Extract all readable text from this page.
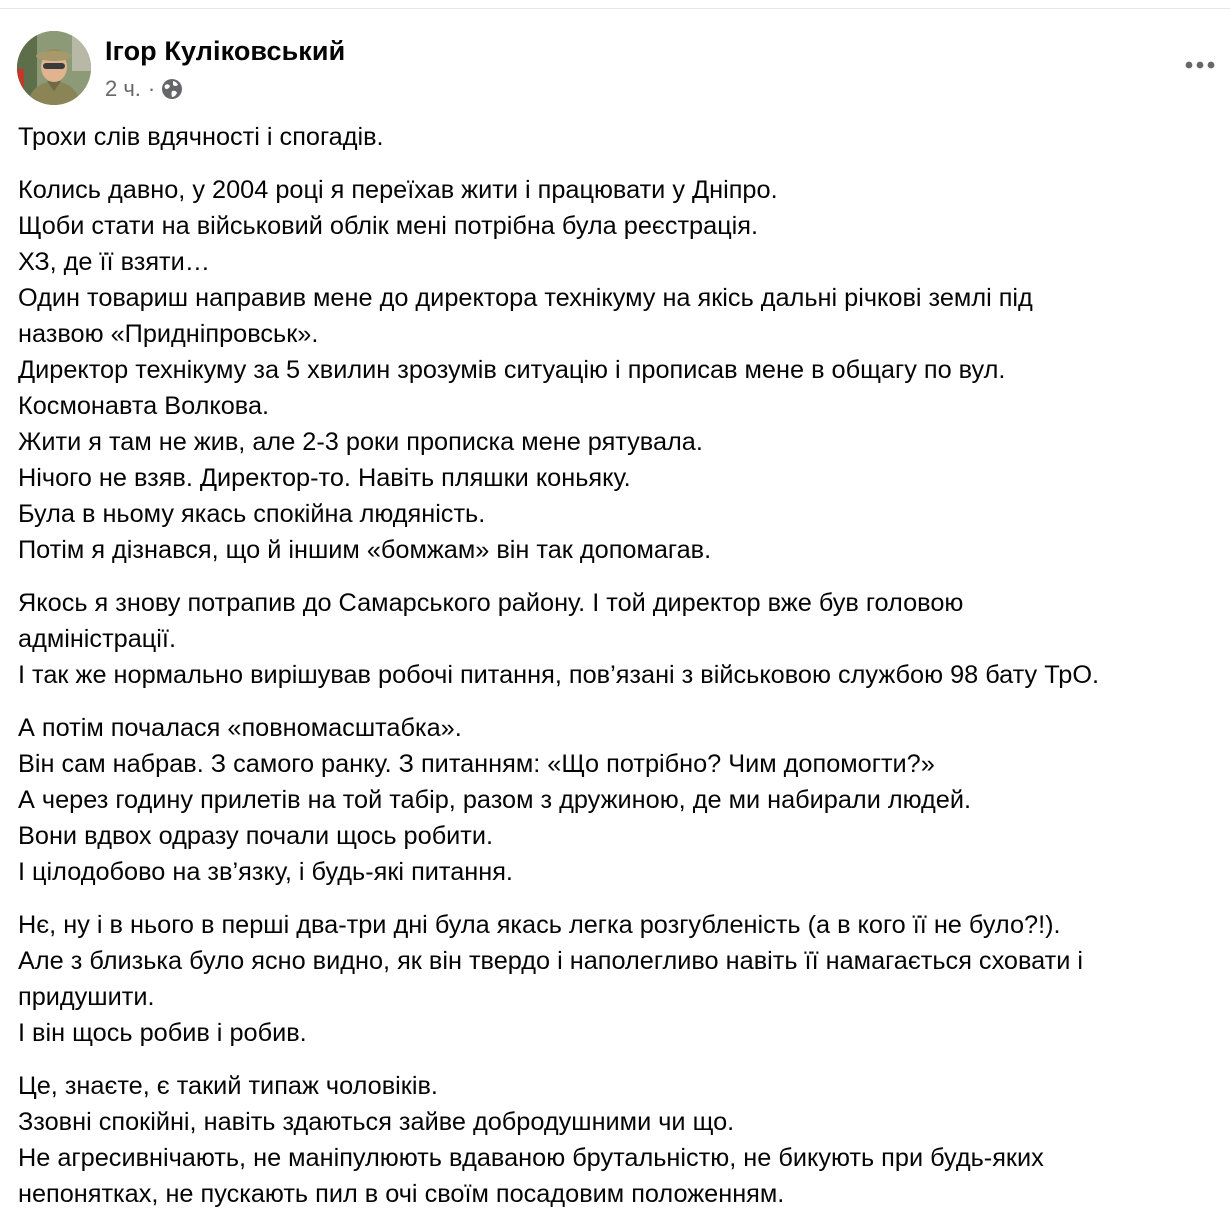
Ігор Куліковський
2 ч. ·
Трохи слів вдячності і спогадів.
Колись давно, у 2004 році я переїхав жити і працювати у Дніпро.
Щоби стати на військовий облік мені потрібна була реєстрація.
ХЗ, де її взяти…
Один товариш направив мене до директора технікуму на якісь дальні річкові землі під
назвою «Придніпровськ».
Директор технікуму за 5 хвилин зрозумів ситуацію і прописав мене в общагу по вул.
Космонавта Волкова.
Жити я там не жив, але 2-3 роки прописка мене рятувала.
Нічого не взяв. Директор-то. Навіть пляшки коньяку.
Була в ньому якась спокійна людяність.
Потім я дізнався, що й іншим «бомжам» він так допомагав.
Якось я знову потрапив до Самарського району. І той директор вже був головою
адміністрації.
І так же нормально вирішував робочі питання, пов’язані з військовою службою 98 бату ТрО.
А потім почалася «повномасштабка».
Він сам набрав. З самого ранку. З питанням: «Що потрібно? Чим допомогти?»
А через годину прилетів на той табір, разом з дружиною, де ми набирали людей.
Вони вдвох одразу почали щось робити.
І цілодобово на зв’язку, і будь-які питання.
Нє, ну і в нього в перші два-три дні була якась легка розгубленість (а в кого її не було?!).
Але з близька було ясно видно, як він твердо і наполегливо навіть її намагається сховати і
придушити.
І він щось робив і робив.
Це, знаєте, є такий типаж чоловіків.
Ззовні спокійні, навіть здаються зайве добродушними чи що.
Не агресивнічають, не маніпулюють вдаваною брутальністю, не бикують при будь-яких
непонятках, не пускають пил в очі своїм посадовим положенням.
